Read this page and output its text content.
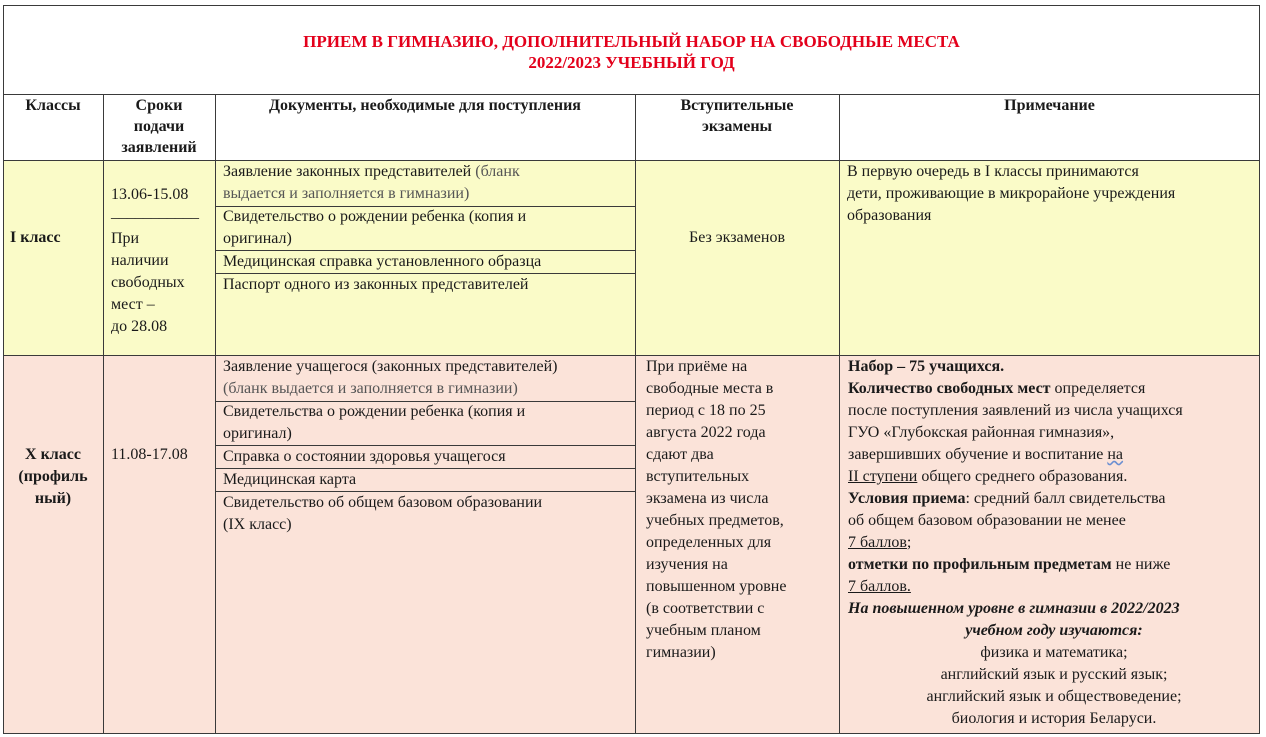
ПРИЕМ В ГИМНАЗИЮ, ДОПОЛНИТЕЛЬНЫЙ НАБОР НА СВОБОДНЫЕ МЕСТА
2022/2023 УЧЕБНЫЙ ГОД
Классы	Сроки
подачи
заявлений
Документы, необходимые для поступления	Вступительные
экзамены
Примечание
I класс
13.06-15.08
___________
При
наличии
свободных
мест –
до 28.08
Заявление законных представителей (бланк
выдается и заполняется в гимназии)
Свидетельство о рождении ребенка (копия и
оригинал)
Медицинская справка установленного образца
Паспорт одного из законных представителей
Без экзаменов
В первую очередь в I классы принимаются
дети, проживающие в микрорайоне учреждения
образования
X класс
(профиль
ный)
11.08-17.08
Заявление учащегося (законных представителей)
(бланк выдается и заполняется в гимназии)
Свидетельства о рождении ребенка (копия и
оригинал)
Справка о состоянии здоровья учащегося
Медицинская карта
Свидетельство об общем базовом образовании
(IX класс)
При приёме на
свободные места в
период с 18 по 25
августа 2022 года
сдают два
вступительных
экзамена из числа
учебных предметов,
определенных для
изучения на
повышенном уровне
(в соответствии с
учебным планом
гимназии)
Набор – 75 учащихся.
Количество свободных мест определяется
после поступления заявлений из числа учащихся
ГУО «Глубокская районная гимназия»,
завершивших обучение и воспитание на
II ступени общего среднего образования.
Условия приема: средний балл свидетельства
об общем базовом образовании не менее
7 баллов;
отметки по профильным предметам не ниже
7 баллов.
На повышенном уровне в гимназии в 2022/2023
учебном году изучаются:
физика и математика;
английский язык и русский язык;
английский язык и обществоведение;
биология и история Беларуси.
